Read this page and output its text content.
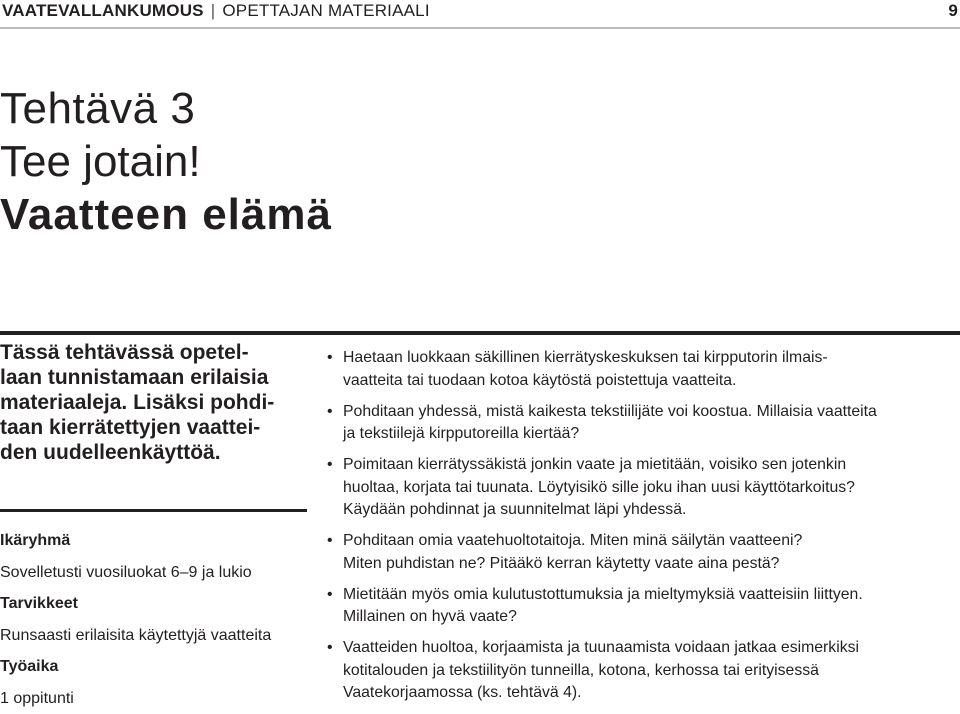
VAATEVALLANKUMOUS | OPETTAJAN MATERIAALI	9
Tehtävä 3
Tee jotain!
Vaatteen elämä

Tässä tehtävässä opetel-
laan tunnistamaan erilaisia
materiaaleja. Lisäksi pohdi-
taan kierrätettyjen vaattei-
den uudelleenkäyttöä.

Ikäryhmä
Sovelletusti vuosiluokat 6–9 ja lukio
Tarvikkeet
Runsaasti erilaisita käytettyjä vaatteita
Työaika
1 oppitunti
• Haetaan luokkaan säkillinen kierrätyskeskuksen tai kirpputorin ilmais-
vaatteita tai tuodaan kotoa käytöstä poistettuja vaatteita.
• Pohditaan yhdessä, mistä kaikesta tekstiilijäte voi koostua. Millaisia vaatteita
ja tekstiilejä kirpputoreilla kiertää?
• Poimitaan kierrätyssäkistä jonkin vaate ja mietitään, voisiko sen jotenkin
huoltaa, korjata tai tuunata. Löytyisikö sille joku ihan uusi käyttötarkoitus?
Käydään pohdinnat ja suunnitelmat läpi yhdessä.
• Pohditaan omia vaatehuoltotaitoja. Miten minä säilytän vaatteeni?
Miten puhdistan ne? Pitääkö kerran käytetty vaate aina pestä?
• Mietitään myös omia kulutustottumuksia ja mieltymyksiä vaatteisiin liittyen.
Millainen on hyvä vaate?
• Vaatteiden huoltoa, korjaamista ja tuunaamista voidaan jatkaa esimerkiksi
kotitalouden ja tekstiilityön tunneilla, kotona, kerhossa tai erityisessä
Vaatekorjaamossa (ks. tehtävä 4).
